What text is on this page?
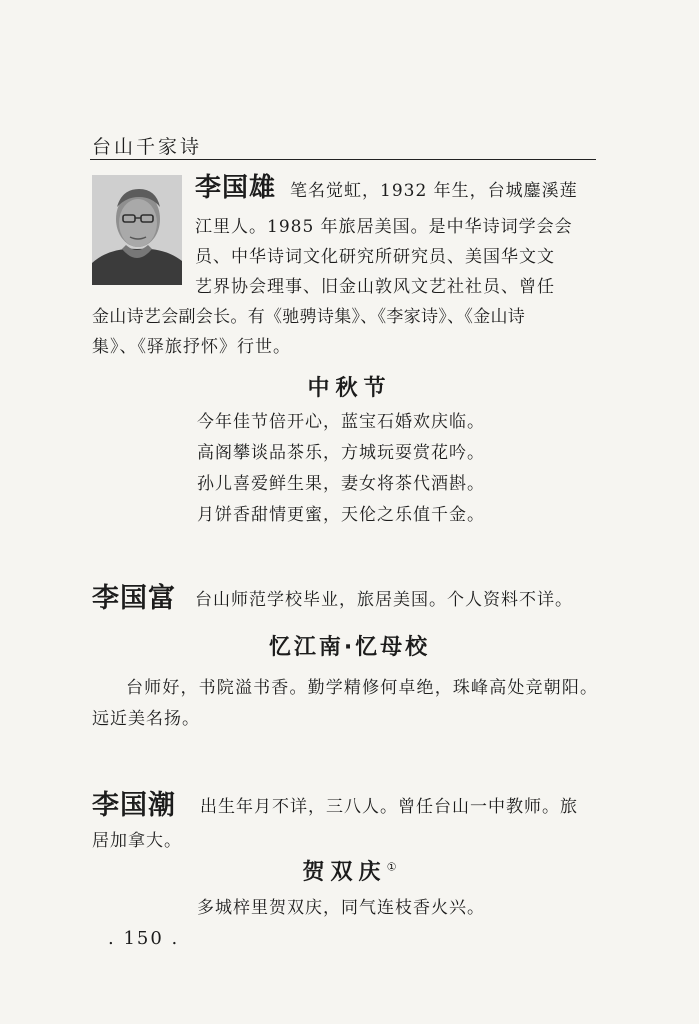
台山千家诗
李国雄 笔名觉虹，1932 年生，台城鏖溪莲
江里人。1985 年旅居美国。是中华诗词学会会
员、中华诗词文化研究所研究员、美国华文文
艺界协会理事、旧金山敦风文艺社社员、曾任
金山诗艺会副会长。有《驰骋诗集》、《李家诗》、《金山诗
集》、《驿旅抒怀》行世。
中秋节
今年佳节倍开心，蓝宝石婚欢庆临。
高阁攀谈品茶乐，方城玩耍赏花吟。
孙儿喜爱鲜生果，妻女将茶代酒斟。
月饼香甜情更蜜，天伦之乐值千金。
李国富 台山师范学校毕业，旅居美国。个人资料不详。
忆江南·忆母校
台师好，书院溢书香。勤学精修何卓绝，珠峰高处竞朝阳。远近美名扬。
李国潮 出生年月不详，三八人。曾任台山一中教师。旅
居加拿大。
贺双庆①
多城梓里贺双庆，同气连枝香火兴。
. 150 .
